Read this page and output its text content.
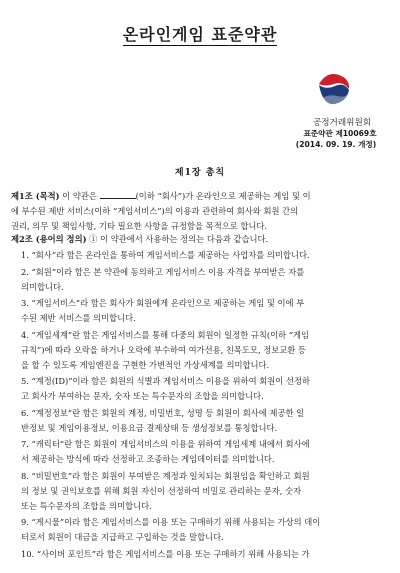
온라인게임 표준약관
공정거래위원회
표준약관 제10069호
(2014. 09. 19. 개정)
제1장 총칙
제1조 (목적) 이 약관은	(이하 “회사”)가 온라인으로 제공하는 게임 및 이
에 부수된 제반 서비스(이하 “게임서비스”)의 이용과 관련하여 회사와 회원 간의
권리, 의무 및 책임사항, 기타 필요한 사항을 규정함을 목적으로 합니다.
제2조 (용어의 정의) ① 이 약관에서 사용하는 정의는 다음과 같습니다.
1. “회사”라 함은 온라인을 통하여 게임서비스를 제공하는 사업자를 의미합니다.
2. “회원”이라 함은 본 약관에 동의하고 게임서비스 이용 자격을 부여받은 자를
의미합니다.
3. “게임서비스”라 함은 회사가 회원에게 온라인으로 제공하는 게임 및 이에 부
수된 제반 서비스를 의미합니다.
4. “게임세계”란 함은 게임서비스를 통해 다중의 회원이 일정한 규칙(이하 “게임
규칙”)에 따라 오락을 하거나 오락에 부수하여 여가선용, 친목도모, 정보교환 등
을 할 수 있도록 게임엔진을 구현한 가변적인 가상세계를 의미합니다.
5. “계정(ID)”이라 함은 회원의 식별과 게임서비스 이용을 위하여 회원이 선정하
고 회사가 부여하는 문자, 숫자 또는 특수문자의 조합을 의미합니다.
6. “계정정보”란 함은 회원의 계정, 비밀번호, 성명 등 회원이 회사에 제공한 일
반정보 및 게임이용정보, 이용요금 결제상태 등 생성정보를 통칭합니다.
7. “캐릭터”란 함은 회원이 게임서비스의 이용을 위하여 게임세계 내에서 회사에
서 제공하는 방식에 따라 선정하고 조종하는 게임데이터를 의미합니다.
8. “비밀번호”라 함은 회원이 부여받은 계정과 일치되는 회원임을 확인하고 회원
의 정보 및 권익보호를 위해 회원 자신이 선정하여 비밀로 관리하는 문자, 숫자
또는 특수문자의 조합을 의미합니다.
9. “게시물”이라 함은 게임서비스를 이용 또는 구매하기 위해 사용되는 가상의 데이
터로서 회원이 대금을 지급하고 구입하는 것을 말합니다.
10. “사이버 포인트”라 함은 게임서비스를 이용 또는 구매하기 위해 사용되는 가
